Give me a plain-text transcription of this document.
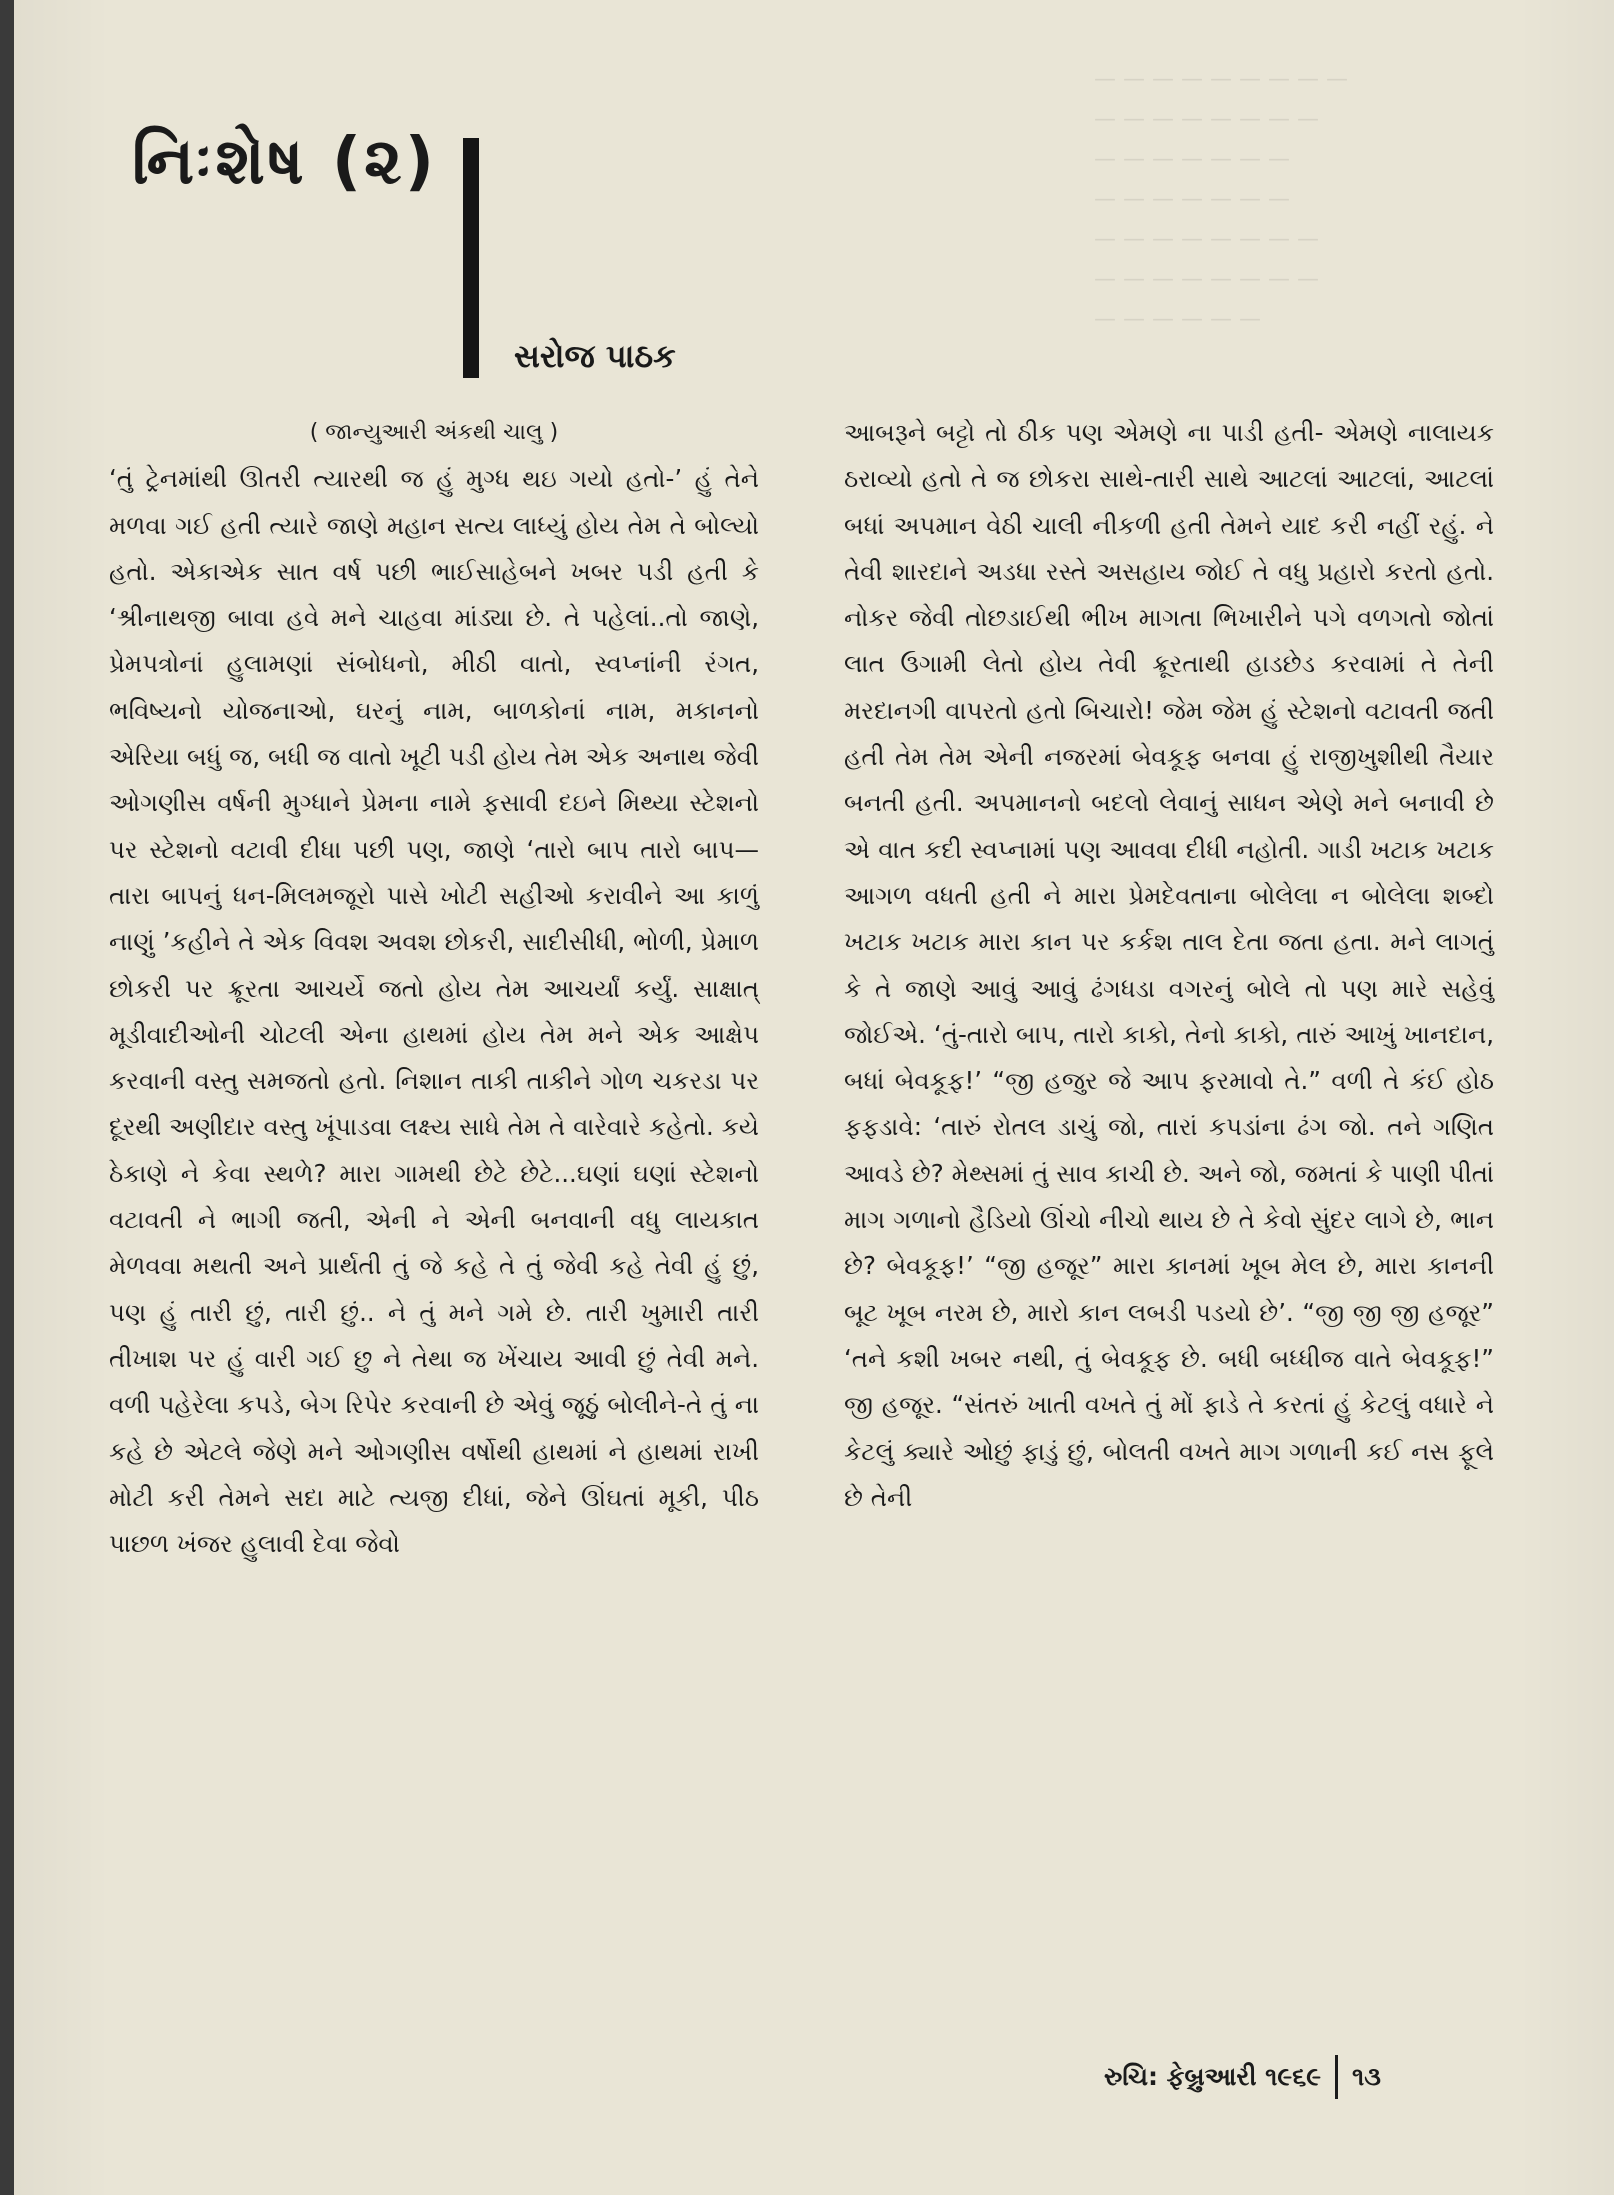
— — — — — — — — —
— — — — — — — —
— — — — — — —
— — — — — — —
— — — — — — — —
— — — — — — — —
— — — — — —
નિઃશેષ (૨)
સરોજ પાઠક
( જાન્યુઆરી અંકથી ચાલુ )

‘તું ટ્રેનમાંથી ઊતરી ત્યારથી જ હું મુગ્ધ થઇ ગયો હતો-’ હું તેને મળવા ગઈ હતી ત્યારે જાણે મહાન સત્ય લાધ્યું હોય તેમ તે બોલ્યો હતો. એકાએક સાત વર્ષ પછી ભાઈસાહેબને ખબર પડી હતી કે ‘શ્રીનાથજી બાવા હવે મને ચાહવા માંડ્યા છે. તે પહેલાં..તો જાણે, પ્રેમપત્રોનાં હુલામણાં સંબોધનો, મીઠી વાતો, સ્વપ્નાંની રંગત, ભવિષ્યનો યોજનાઓ, ઘરનું નામ, બાળકોનાં નામ, મકાનનો એરિયા બધું જ, બધી જ વાતો ખૂટી પડી હોય તેમ એક અનાથ જેવી ઓગણીસ વર્ષની મુગ્ધાને પ્રેમના નામે ફસાવી દઇને મિથ્યા સ્ટેશનો પર સ્ટેશનો વટાવી દીધા પછી પણ, જાણે ‘તારો બાપ તારો બાપ—તારા બાપનું ધન-મિલમજૂરો પાસે ખોટી સહીઓ કરાવીને આ કાળું નાણું ’કહીને તે એક વિવશ અવશ છોકરી, સાદીસીધી, ભોળી, પ્રેમાળ છોકરી પર ક્રૂરતા આચર્યે જતો હોય તેમ આચર્યાં કર્યું. સાક્ષાત્ મૂડીવાદીઓની ચોટલી એના હાથમાં હોય તેમ મને એક આક્ષેપ કરવાની વસ્તુ સમજતો હતો. નિશાન તાકી તાકીને ગોળ ચકરડા પર દૂરથી અણીદાર વસ્તુ ખૂંપાડવા લક્ષ્ય સાધે તેમ તે વારેવારે કહેતો. કયે ઠેકાણે ને કેવા સ્થળે? મારા ગામથી છેટે છેટે...ઘણાં ઘણાં સ્ટેશનો વટાવતી ને ભાગી જતી, એની ને એની બનવાની વધુ લાયકાત મેળવવા મથતી અને પ્રાર્થતી તું જે કહે તે તું જેવી કહે તેવી હું છું, પણ હું તારી છું, તારી છું.. ને તું મને ગમે છે. તારી ખુમારી તારી તીખાશ પર હું વારી ગઈ છુ ને તેથા જ ખેંચાય આવી છું તેવી મને. વળી પહેરેલા કપડે, બેગ રિપેર કરવાની છે એવું જૂઠું બોલીને-તે તું ના કહે છે એટલે જેણે મને ઓગણીસ વર્ષોથી હાથમાં ને હાથમાં રાખી મોટી કરી તેમને સદા માટે ત્યજી દીધાં, જેને ઊંઘતાં મૂકી, પીઠ પાછળ ખંજર હુલાવી દેવા જેવો

આબરૂને બટ્ટો તો ઠીક પણ એમણે ના પાડી હતી- એમણે નાલાયક ઠરાવ્યો હતો તે જ છોકરા સાથે-તારી સાથે આટલાં આટલાં, આટલાં બધાં અપમાન વેઠી ચાલી નીકળી હતી તેમને યાદ કરી નહીં રહું. ને તેવી શારદાને અડધા રસ્તે અસહાય જોઈ તે વધુ પ્રહારો કરતો હતો. નોકર જેવી તોછડાઈથી ભીખ માગતા ભિખારીને પગે વળગતો જોતાં લાત ઉગામી લેતો હોય તેવી ક્રૂરતાથી હાડછેડ કરવામાં તે તેની મરદાનગી વાપરતો હતો બિચારો! જેમ જેમ હું સ્ટેશનો વટાવતી જતી હતી તેમ તેમ એની નજરમાં બેવકૂફ બનવા હું રાજીખુશીથી તૈયાર બનતી હતી. અપમાનનો બદલો લેવાનું સાધન એણે મને બનાવી છે એ વાત કદી સ્વપ્નામાં પણ આવવા દીધી નહોતી. ગાડી ખટાક ખટાક આગળ વધતી હતી ને મારા પ્રેમદેવતાના બોલેલા ન બોલેલા શબ્દો ખટાક ખટાક મારા કાન પર કર્કશ તાલ દેતા જતા હતા. મને લાગતું કે તે જાણે આવું આવું ઢંગધડા વગરનું બોલે તો પણ મારે સહેવું જોઈએ. ‘તું-તારો બાપ, તારો કાકો, તેનો કાકો, તારું આખું ખાનદાન, બધાં બેવકૂફ!’ “જી હજુર જે આપ ફરમાવો તે.” વળી તે કંઈ હોઠ ફફડાવે: ‘તારું રોતલ ડાચું જો, તારાં કપડાંના ઢંગ જો. તને ગણિત આવડે છે? મેથ્સમાં તું સાવ કાચી છે. અને જો, જમતાં કે પાણી પીતાં માગ ગળાનો હૈડિયો ઊંચો નીચો થાય છે તે કેવો સુંદર લાગે છે, ભાન છે? બેવકૂફ!’ “જી હજૂર” મારા કાનમાં ખૂબ મેલ છે, મારા કાનની બૂટ ખૂબ નરમ છે, મારો કાન લબડી પડયો છે’. “જી જી જી હજૂર” ‘તને કશી ખબર નથી, તું બેવકૂફ છે. બધી બધ્ધીજ વાતે બેવકૂફ!” જી હજૂર. “સંતરું ખાતી વખતે તું મોં ફાડે તે કરતાં હું કેટલું વધારે ને કેટલું ક્યારે ઓછું ફાડું છું, બોલતી વખતે માગ ગળાની કઈ નસ ફૂલે છે તેની

રુચિ: ફેબ્રુઆરી ૧૯૬૯ ૧૩
